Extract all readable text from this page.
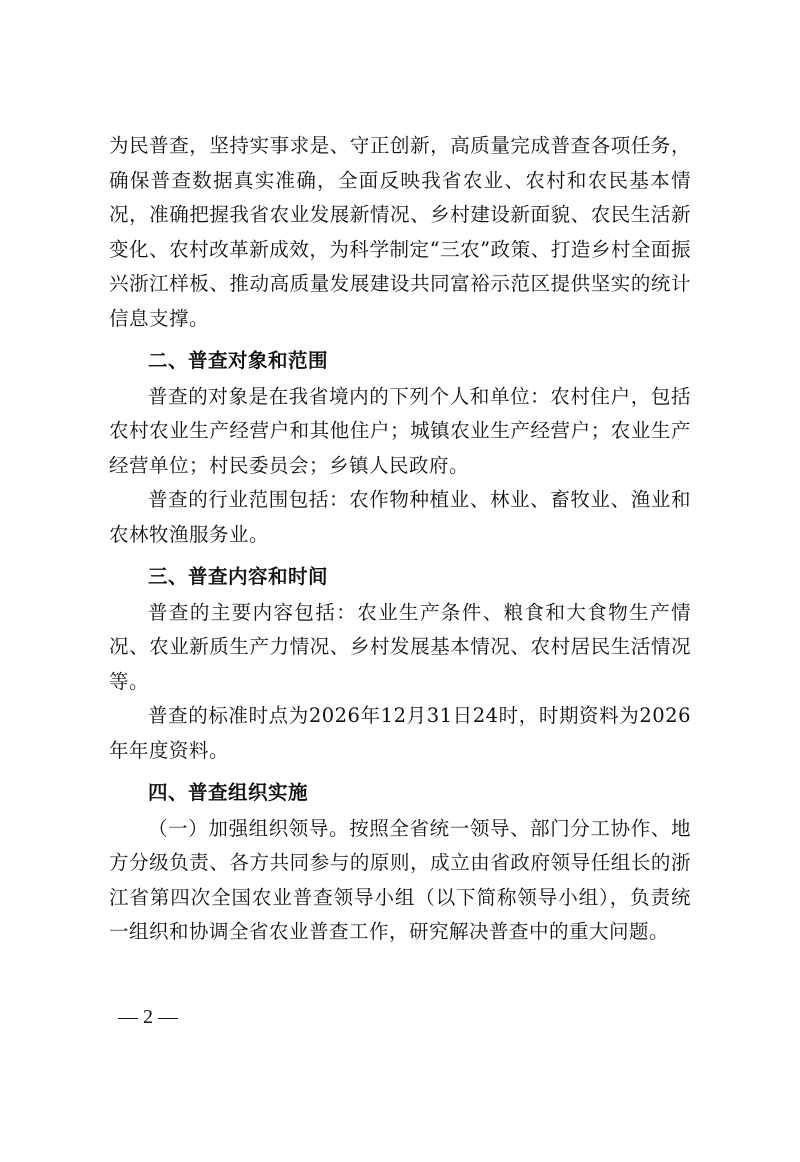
为民普查，坚持实事求是、守正创新，高质量完成普查各项任务，确保普查数据真实准确，全面反映我省农业、农村和农民基本情况，准确把握我省农业发展新情况、乡村建设新面貌、农民生活新变化、农村改革新成效，为科学制定“三农”政策、打造乡村全面振兴浙江样板、推动高质量发展建设共同富裕示范区提供坚实的统计信息支撑。

二、普查对象和范围

普查的对象是在我省境内的下列个人和单位：农村住户，包括农村农业生产经营户和其他住户；城镇农业生产经营户；农业生产经营单位；村民委员会；乡镇人民政府。

普查的行业范围包括：农作物种植业、林业、畜牧业、渔业和农林牧渔服务业。

三、普查内容和时间

普查的主要内容包括：农业生产条件、粮食和大食物生产情况、农业新质生产力情况、乡村发展基本情况、农村居民生活情况等。

普查的标准时点为2026年12月31日24时，时期资料为2026年年度资料。

四、普查组织实施

（一）加强组织领导。按照全省统一领导、部门分工协作、地方分级负责、各方共同参与的原则，成立由省政府领导任组长的浙江省第四次全国农业普查领导小组（以下简称领导小组），负责统一组织和协调全省农业普查工作，研究解决普查中的重大问题。

— 2 —
